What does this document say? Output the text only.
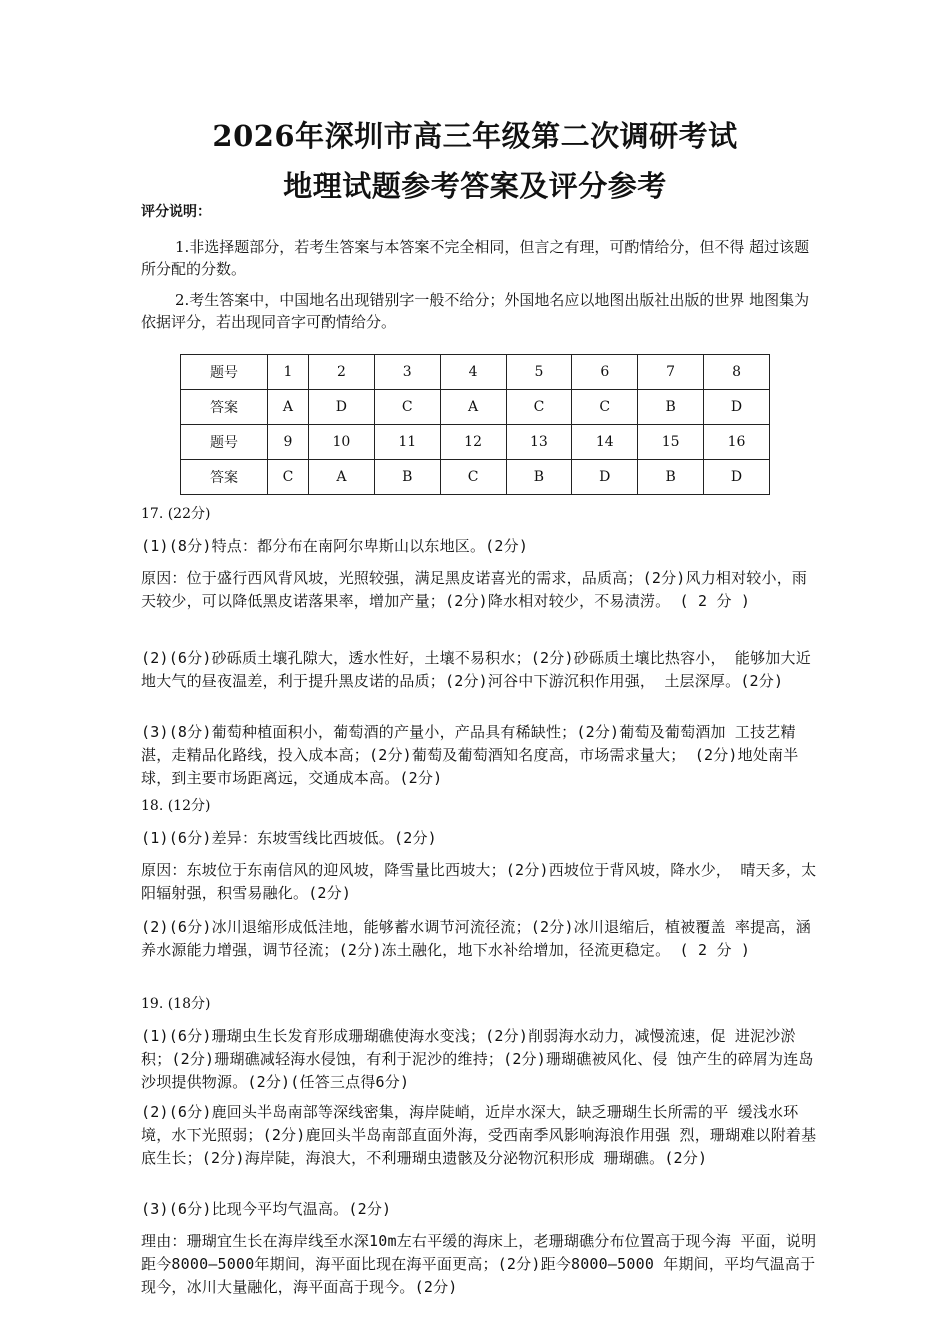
2026年深圳市高三年级第二次调研考试
地理试题参考答案及评分参考
评分说明：
1.非选择题部分，若考生答案与本答案不完全相同，但言之有理，可酌情给分，但不得 超过该题所分配的分数。
2.考生答案中，中国地名出现错别字一般不给分；外国地名应以地图出版社出版的世界 地图集为依据评分，若出现同音字可酌情给分。
题号	1	2	3	4	5	6	7	8
答案	A	D	C	A	C	C	B	D
题号	9	10	11	12	13	14	15	16
答案	C	A	B	C	B	D	B	D
17. (22分)
(1)(8分)特点：都分布在南阿尔卑斯山以东地区。(2分)
原因：位于盛行西风背风坡，光照较强，满足黑皮诺喜光的需求，品质高；(2分)风力相对较小，雨天较少，可以降低黑皮诺落果率，增加产量；(2分)降水相对较少，不易渍涝。 ( 2 分 )
(2)(6分)砂砾质土壤孔隙大，透水性好，土壤不易积水；(2分)砂砾质土壤比热容小， 能够加大近地大气的昼夜温差，利于提升黑皮诺的品质；(2分)河谷中下游沉积作用强， 土层深厚。(2分)
(3)(8分)葡萄种植面积小，葡萄酒的产量小，产品具有稀缺性；(2分)葡萄及葡萄酒加 工技艺精湛，走精品化路线，投入成本高；(2分)葡萄及葡萄酒知名度高，市场需求量大； (2分)地处南半球，到主要市场距离远，交通成本高。(2分)
18. (12分)
(1)(6分)差异：东坡雪线比西坡低。(2分)
原因：东坡位于东南信风的迎风坡，降雪量比西坡大；(2分)西坡位于背风坡，降水少， 晴天多，太阳辐射强，积雪易融化。(2分)
(2)(6分)冰川退缩形成低洼地，能够蓄水调节河流径流；(2分)冰川退缩后，植被覆盖 率提高，涵养水源能力增强，调节径流；(2分)冻土融化，地下水补给增加，径流更稳定。 ( 2 分 )
19. (18分)
(1)(6分)珊瑚虫生长发育形成珊瑚礁使海水变浅；(2分)削弱海水动力，减慢流速，促 进泥沙淤积；(2分)珊瑚礁减轻海水侵蚀，有利于泥沙的维持；(2分)珊瑚礁被风化、侵 蚀产生的碎屑为连岛沙坝提供物源。(2分)(任答三点得6分)
(2)(6分)鹿回头半岛南部等深线密集，海岸陡峭，近岸水深大，缺乏珊瑚生长所需的平 缓浅水环境，水下光照弱；(2分)鹿回头半岛南部直面外海，受西南季风影响海浪作用强 烈，珊瑚难以附着基底生长；(2分)海岸陡，海浪大，不利珊瑚虫遗骸及分泌物沉积形成 珊瑚礁。(2分)
(3)(6分)比现今平均气温高。(2分)
理由：珊瑚宜生长在海岸线至水深10m左右平缓的海床上，老珊瑚礁分布位置高于现今海 平面，说明距今8000—5000年期间，海平面比现在海平面更高；(2分)距今8000—5000 年期间，平均气温高于现今，冰川大量融化，海平面高于现今。(2分)
